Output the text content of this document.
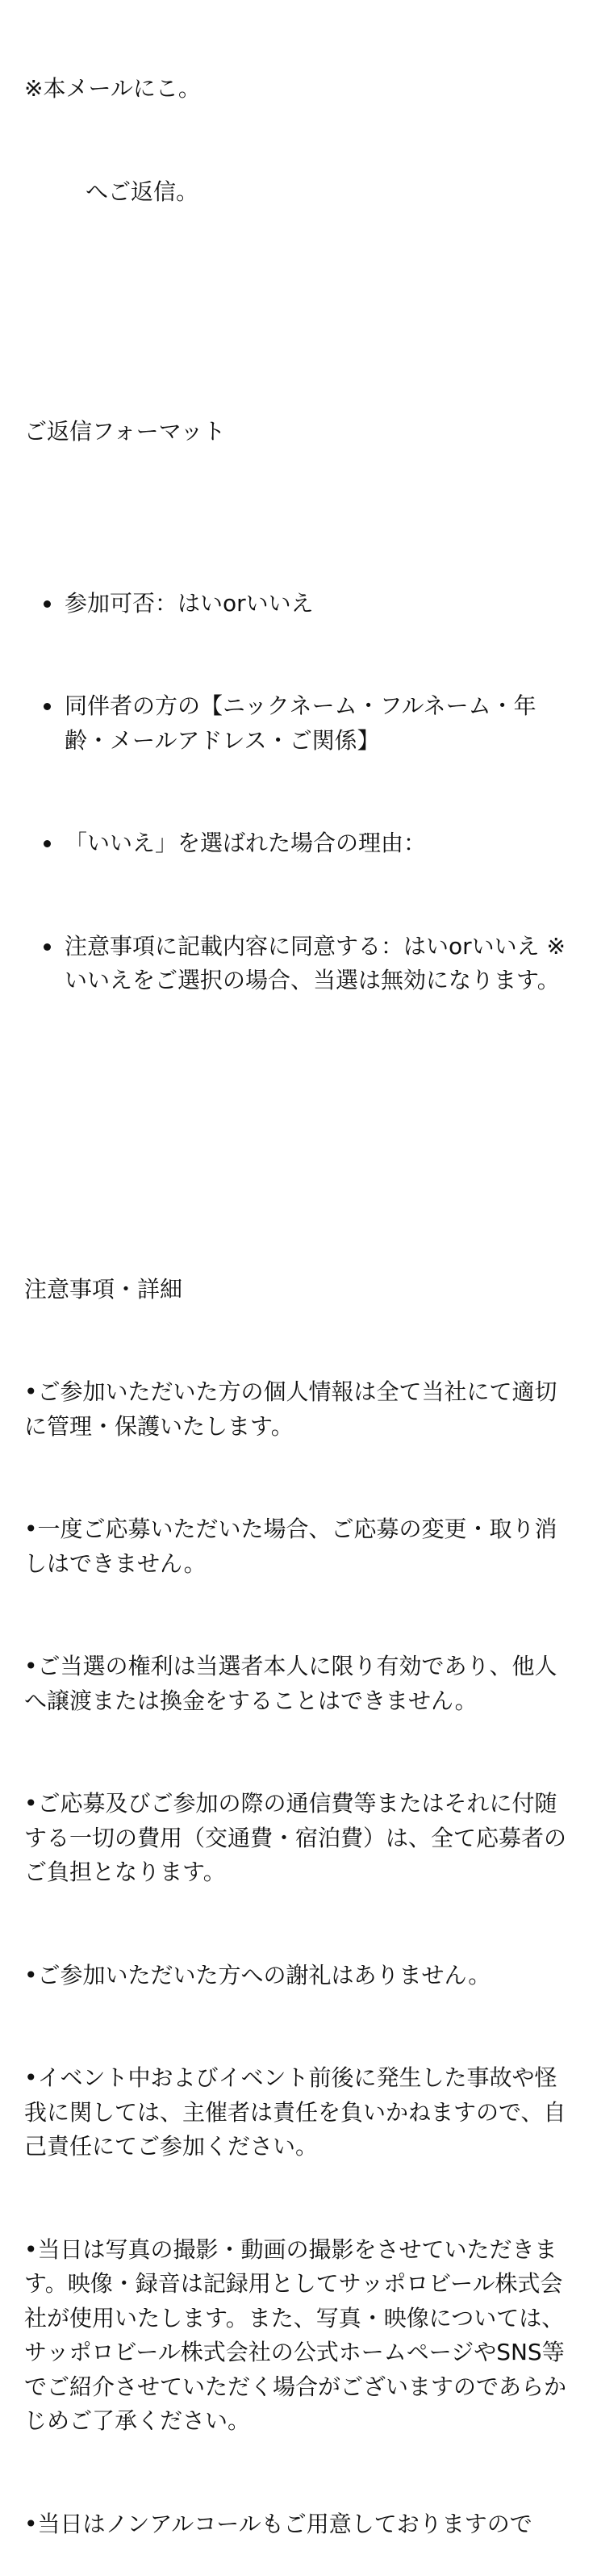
※本メールにこ。

へご返信。

ご返信フォーマット

参加可否：はいorいいえ

同伴者の方の【ニックネーム・フルネーム・年齢・メールアドレス・ご関係】

「いいえ」を選ばれた場合の理由：

注意事項に記載内容に同意する：はいorいいえ ※いいえをご選択の場合、当選は無効になります。

注意事項・詳細

•ご参加いただいた方の個人情報は全て当社にて適切に管理・保護いたします。

•一度ご応募いただいた場合、ご応募の変更・取り消しはできません。

•ご当選の権利は当選者本人に限り有効であり、他人へ譲渡または換金をすることはできません。

•ご応募及びご参加の際の通信費等またはそれに付随する一切の費用（交通費・宿泊費）は、全て応募者のご負担となります。

•ご参加いただいた方への謝礼はありません。

•イベント中およびイベント前後に発生した事故や怪我に関しては、主催者は責任を負いかねますので、自己責任にてご参加ください。

•当日は写真の撮影・動画の撮影をさせていただきます。映像・録音は記録用としてサッポロビール株式会社が使用いたします。また、写真・映像については、サッポロビール株式会社の公式ホームページやSNS等でご紹介させていただく場合がございますのであらかじめご了承ください。

•当日はノンアルコールもご用意しておりますので
